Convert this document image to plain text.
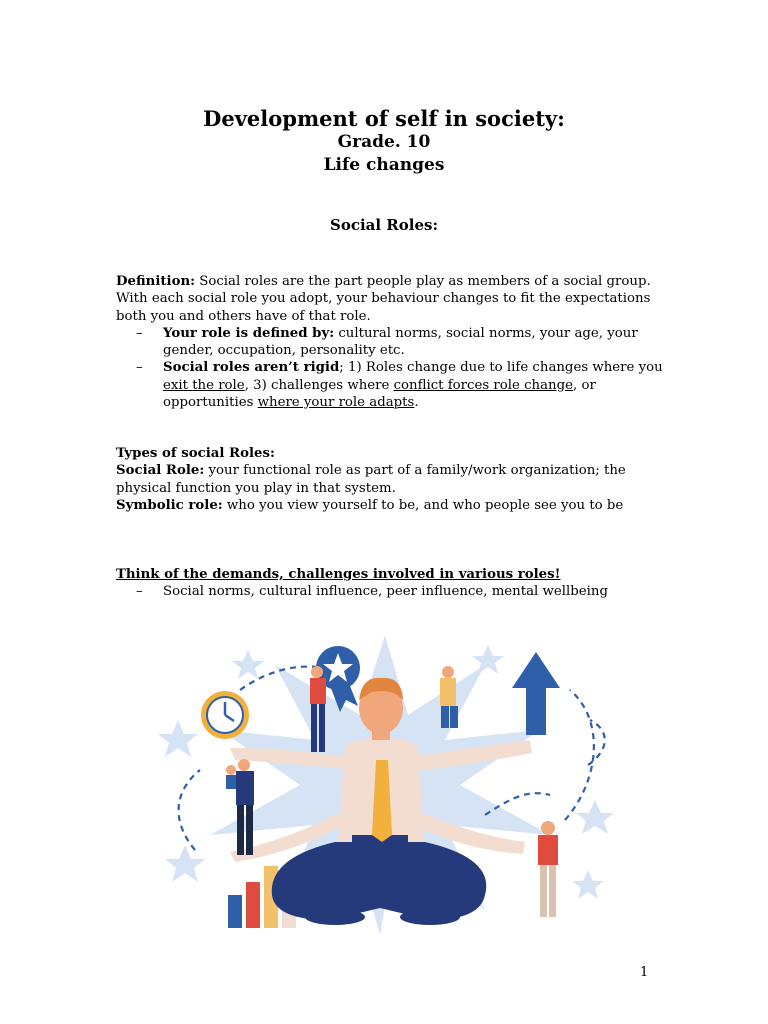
Development of self in society:
Grade. 10
Life changes
Social Roles:
Definition: Social roles are the part people play as members of a social group.
With each social role you adopt, your behaviour changes to fit the expectations
both you and others have of that role.
– Your role is defined by: cultural norms, social norms, your age, your
gender, occupation, personality etc.
– Social roles aren’t rigid; 1) Roles change due to life changes where you
exit the role, 3) challenges where conflict forces role change, or
opportunities where your role adapts.
Types of social Roles:
Social Role: your functional role as part of a family/work organization; the
physical function you play in that system.
Symbolic role: who you view yourself to be, and who people see you to be
Think of the demands, challenges involved in various roles!
– Social norms, cultural influence, peer influence, mental wellbeing
1
